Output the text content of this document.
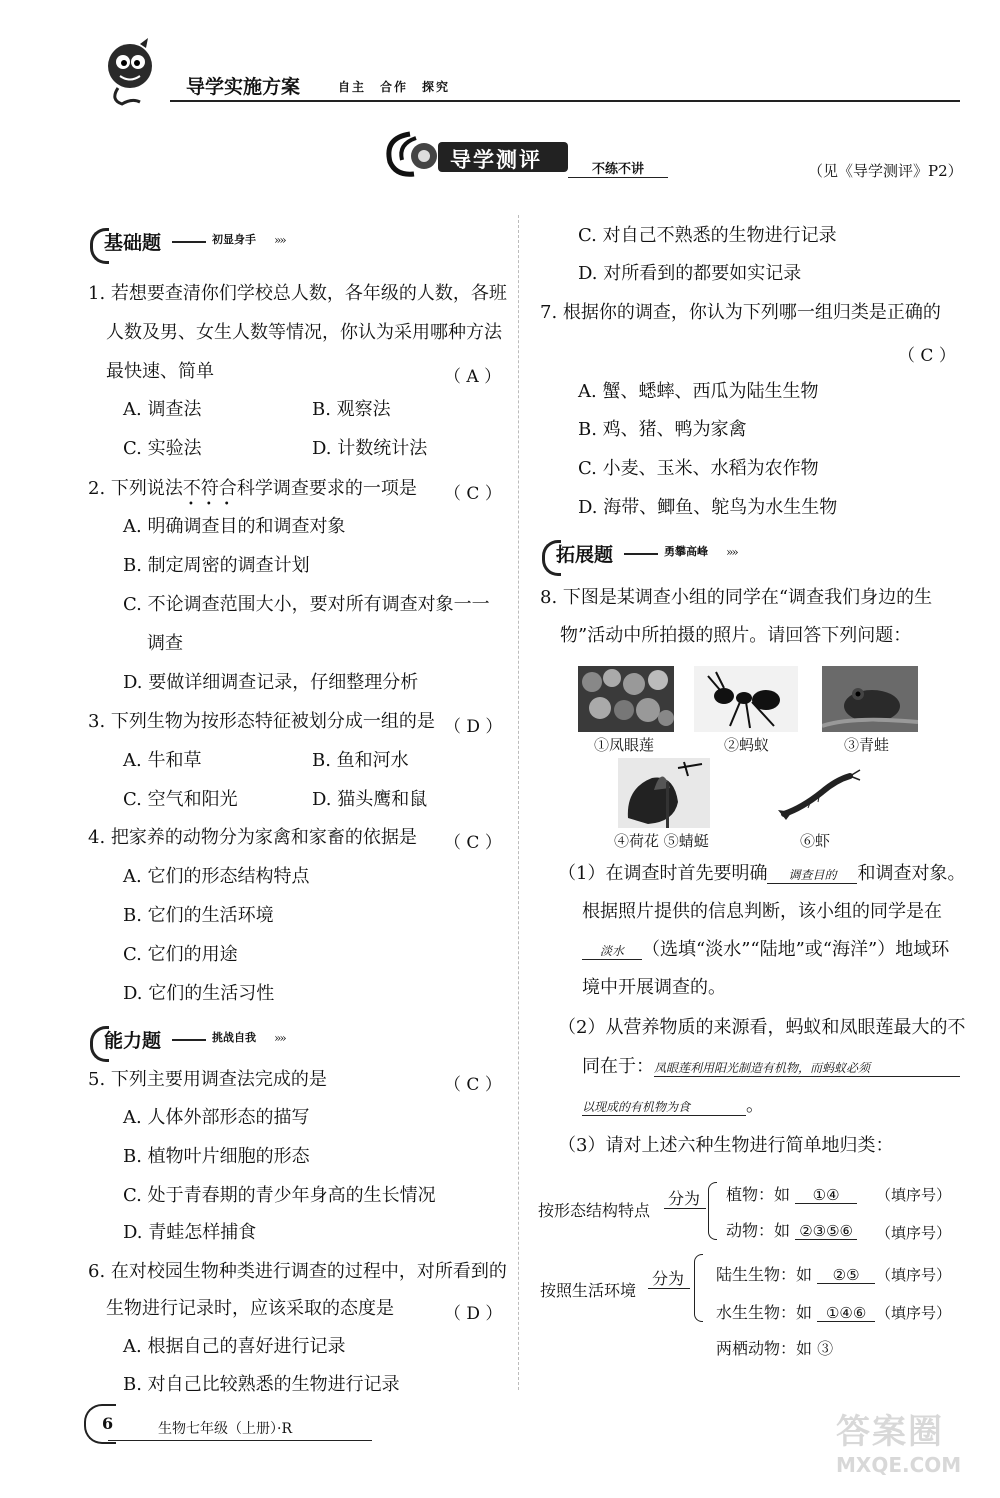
导学实施方案	自主　合作　探究
导学测评	不练不讲	（见《导学测评》P2）
基础题	初显身手 »»
1. 若想要查清你们学校总人数，各年级的人数，各班
人数及男、女生人数等情况，你认为采用哪种方法
最快速、简单	（ A ）
A. 调查法	B. 观察法
C. 实验法	D. 计数统计法
2. 下列说法不符合科学调查要求的一项是
•••
（ C ）
A. 明确调查目的和调查对象
B. 制定周密的调查计划
C. 不论调查范围大小，要对所有调查对象一一
调查
D. 要做详细调查记录，仔细整理分析
3. 下列生物为按形态特征被划分成一组的是 （ D ）
A. 牛和草	B. 鱼和河水
C. 空气和阳光	D. 猫头鹰和鼠
4. 把家养的动物分为家禽和家畜的依据是 （ C ）
A. 它们的形态结构特点
B. 它们的生活环境
C. 它们的用途
D. 它们的生活习性
能力题	挑战自我 »»
5. 下列主要用调查法完成的是	（ C ）
A. 人体外部形态的描写
B. 植物叶片细胞的形态
C. 处于青春期的青少年身高的生长情况
D. 青蛙怎样捕食
6. 在对校园生物种类进行调查的过程中，对所看到的
生物进行记录时，应该采取的态度是	（ D ）
A. 根据自己的喜好进行记录
B. 对自己比较熟悉的生物进行记录
C. 对自己不熟悉的生物进行记录
D. 对所看到的都要如实记录
7. 根据你的调查，你认为下列哪一组归类是正确的
（ C ）
A. 蟹、蟋蟀、西瓜为陆生生物
B. 鸡、猪、鸭为家禽
C. 小麦、玉米、水稻为农作物
D. 海带、鲫鱼、鸵鸟为水生生物
拓展题	勇攀高峰 »»
8. 下图是某调查小组的同学在“调查我们身边的生
物”活动中所拍摄的照片。请回答下列问题：
①凤眼莲	②蚂蚁	③青蛙
④荷花 ⑤蜻蜓	⑥虾
（1）在调查时首先要明确 调查目的 和调查对象。
根据照片提供的信息判断，该小组的同学是在
淡水 （选填“淡水”“陆地”或“海洋”）地域环
境中开展调查的。
（2）从营养物质的来源看，蚂蚁和凤眼莲最大的不
同在于：凤眼莲利用阳光制造有机物，而蚂蚁必须
以现成的有机物为食	。
（3）请对上述六种生物进行简单地归类：
按形态结构特点
分为 植物：如 ①④	（填序号）
动物：如 ②③⑤⑥ （填序号）
按照生活环境
分为 陆生生物：如 ②⑤	（填序号）
水生生物：如 ①④⑥ （填序号）
两栖动物：如 ③
6	生物七年级（上册）·R	答案圈
MXQE.COM
